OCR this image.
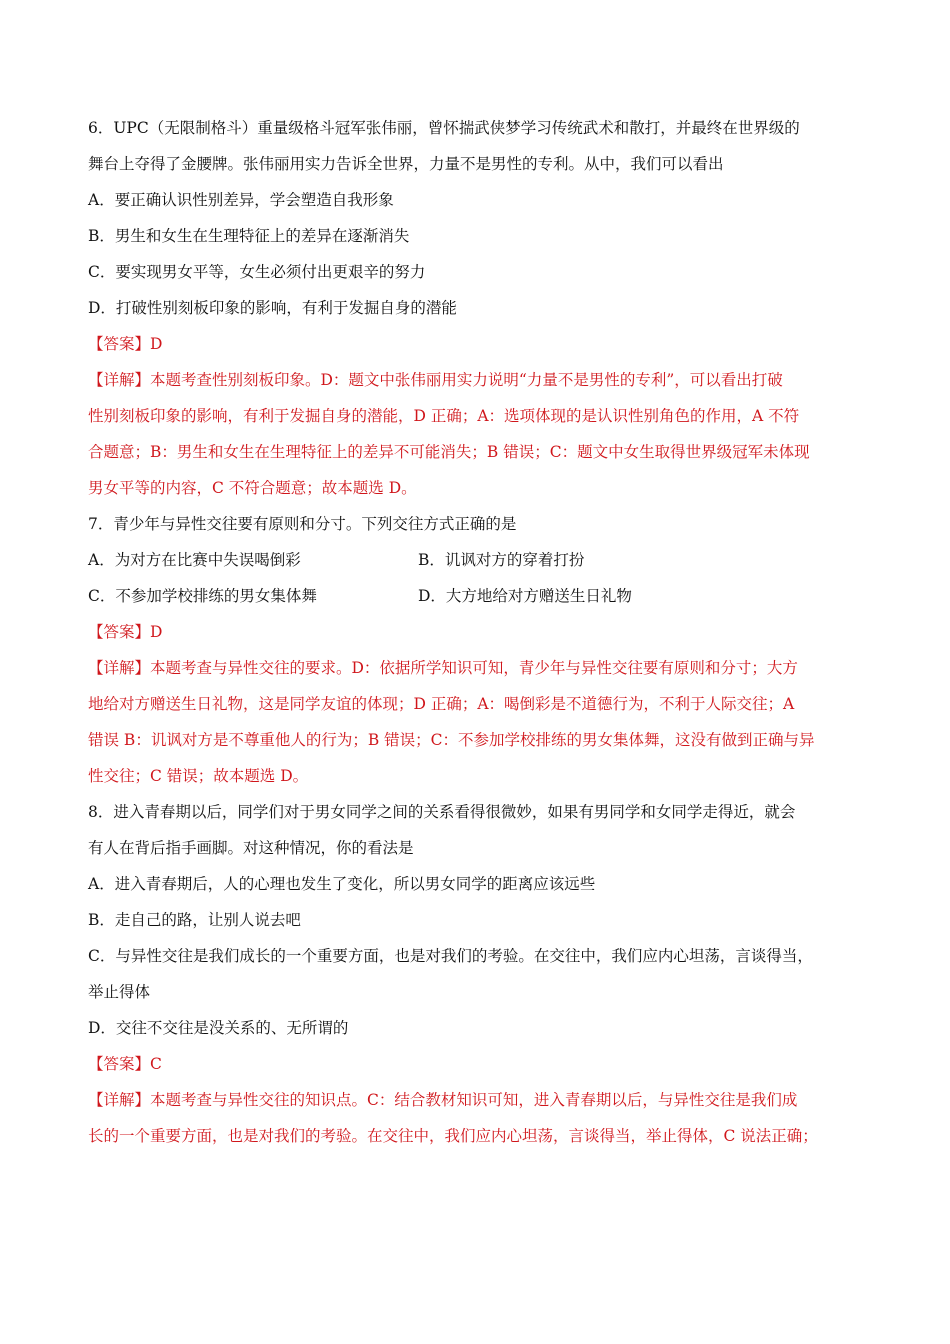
6．UPC（无限制格斗）重量级格斗冠军张伟丽，曾怀揣武侠梦学习传统武术和散打，并最终在世界级的
舞台上夺得了金腰牌。张伟丽用实力告诉全世界，力量不是男性的专利。从中，我们可以看出
A．要正确认识性别差异，学会塑造自我形象
B．男生和女生在生理特征上的差异在逐渐消失
C．要实现男女平等，女生必须付出更艰辛的努力
D．打破性别刻板印象的影响，有利于发掘自身的潜能
【答案】D
【详解】本题考查性别刻板印象。D：题文中张伟丽用实力说明“力量不是男性的专利”，可以看出打破
性别刻板印象的影响，有利于发掘自身的潜能，D 正确；A：选项体现的是认识性别角色的作用，A 不符
合题意；B：男生和女生在生理特征上的差异不可能消失；B 错误；C：题文中女生取得世界级冠军未体现
男女平等的内容，C 不符合题意；故本题选 D。
7．青少年与异性交往要有原则和分寸。下列交往方式正确的是
A．为对方在比赛中失误喝倒彩	B．讥讽对方的穿着打扮
C．不参加学校排练的男女集体舞	D．大方地给对方赠送生日礼物
【答案】D
【详解】本题考查与异性交往的要求。D：依据所学知识可知，青少年与异性交往要有原则和分寸；大方
地给对方赠送生日礼物，这是同学友谊的体现；D 正确；A：喝倒彩是不道德行为，不利于人际交往；A
错误 B：讥讽对方是不尊重他人的行为；B 错误；C：不参加学校排练的男女集体舞，这没有做到正确与异
性交往；C 错误；故本题选 D。
8．进入青春期以后，同学们对于男女同学之间的关系看得很微妙，如果有男同学和女同学走得近，就会
有人在背后指手画脚。对这种情况，你的看法是
A．进入青春期后，人的心理也发生了变化，所以男女同学的距离应该远些
B．走自己的路，让别人说去吧
C．与异性交往是我们成长的一个重要方面，也是对我们的考验。在交往中，我们应内心坦荡，言谈得当，
举止得体
D．交往不交往是没关系的、无所谓的
【答案】C
【详解】本题考查与异性交往的知识点。C：结合教材知识可知，进入青春期以后，与异性交往是我们成
长的一个重要方面，也是对我们的考验。在交往中，我们应内心坦荡，言谈得当，举止得体，C 说法正确；
